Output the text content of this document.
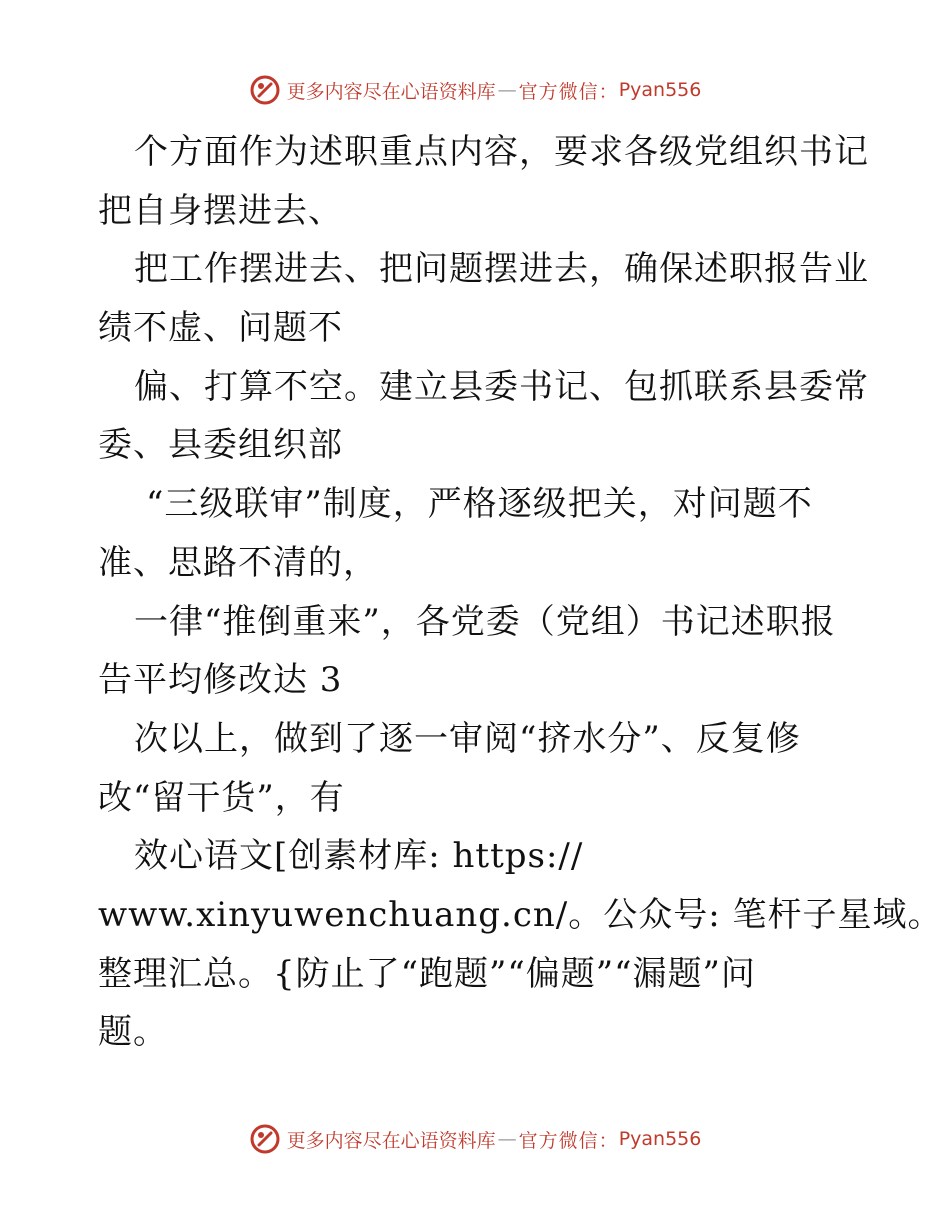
更多内容尽在心语资料库 — 官方微信： Pyan556
个方面作为述职重点内容，要求各级党组织书记
把自身摆进去、
把工作摆进去、把问题摆进去，确保述职报告业
绩不虚、问题不
偏、打算不空。建立县委书记、包抓联系县委常
委、县委组织部
“三级联审”制度，严格逐级把关，对问题不
准、思路不清的，
一律“推倒重来”，各党委（党组）书记述职报
告平均修改达 3
次以上，做到了逐一审阅“挤水分”、反复修
改“留干货”，有
效心语文[创素材库: https://
www.xinyuwenchuang.cn/。公众号: 笔杆子星域。
整理汇总。{防止了“跑题”“偏题”“漏题”问
题。
更多内容尽在心语资料库 — 官方微信： Pyan556
